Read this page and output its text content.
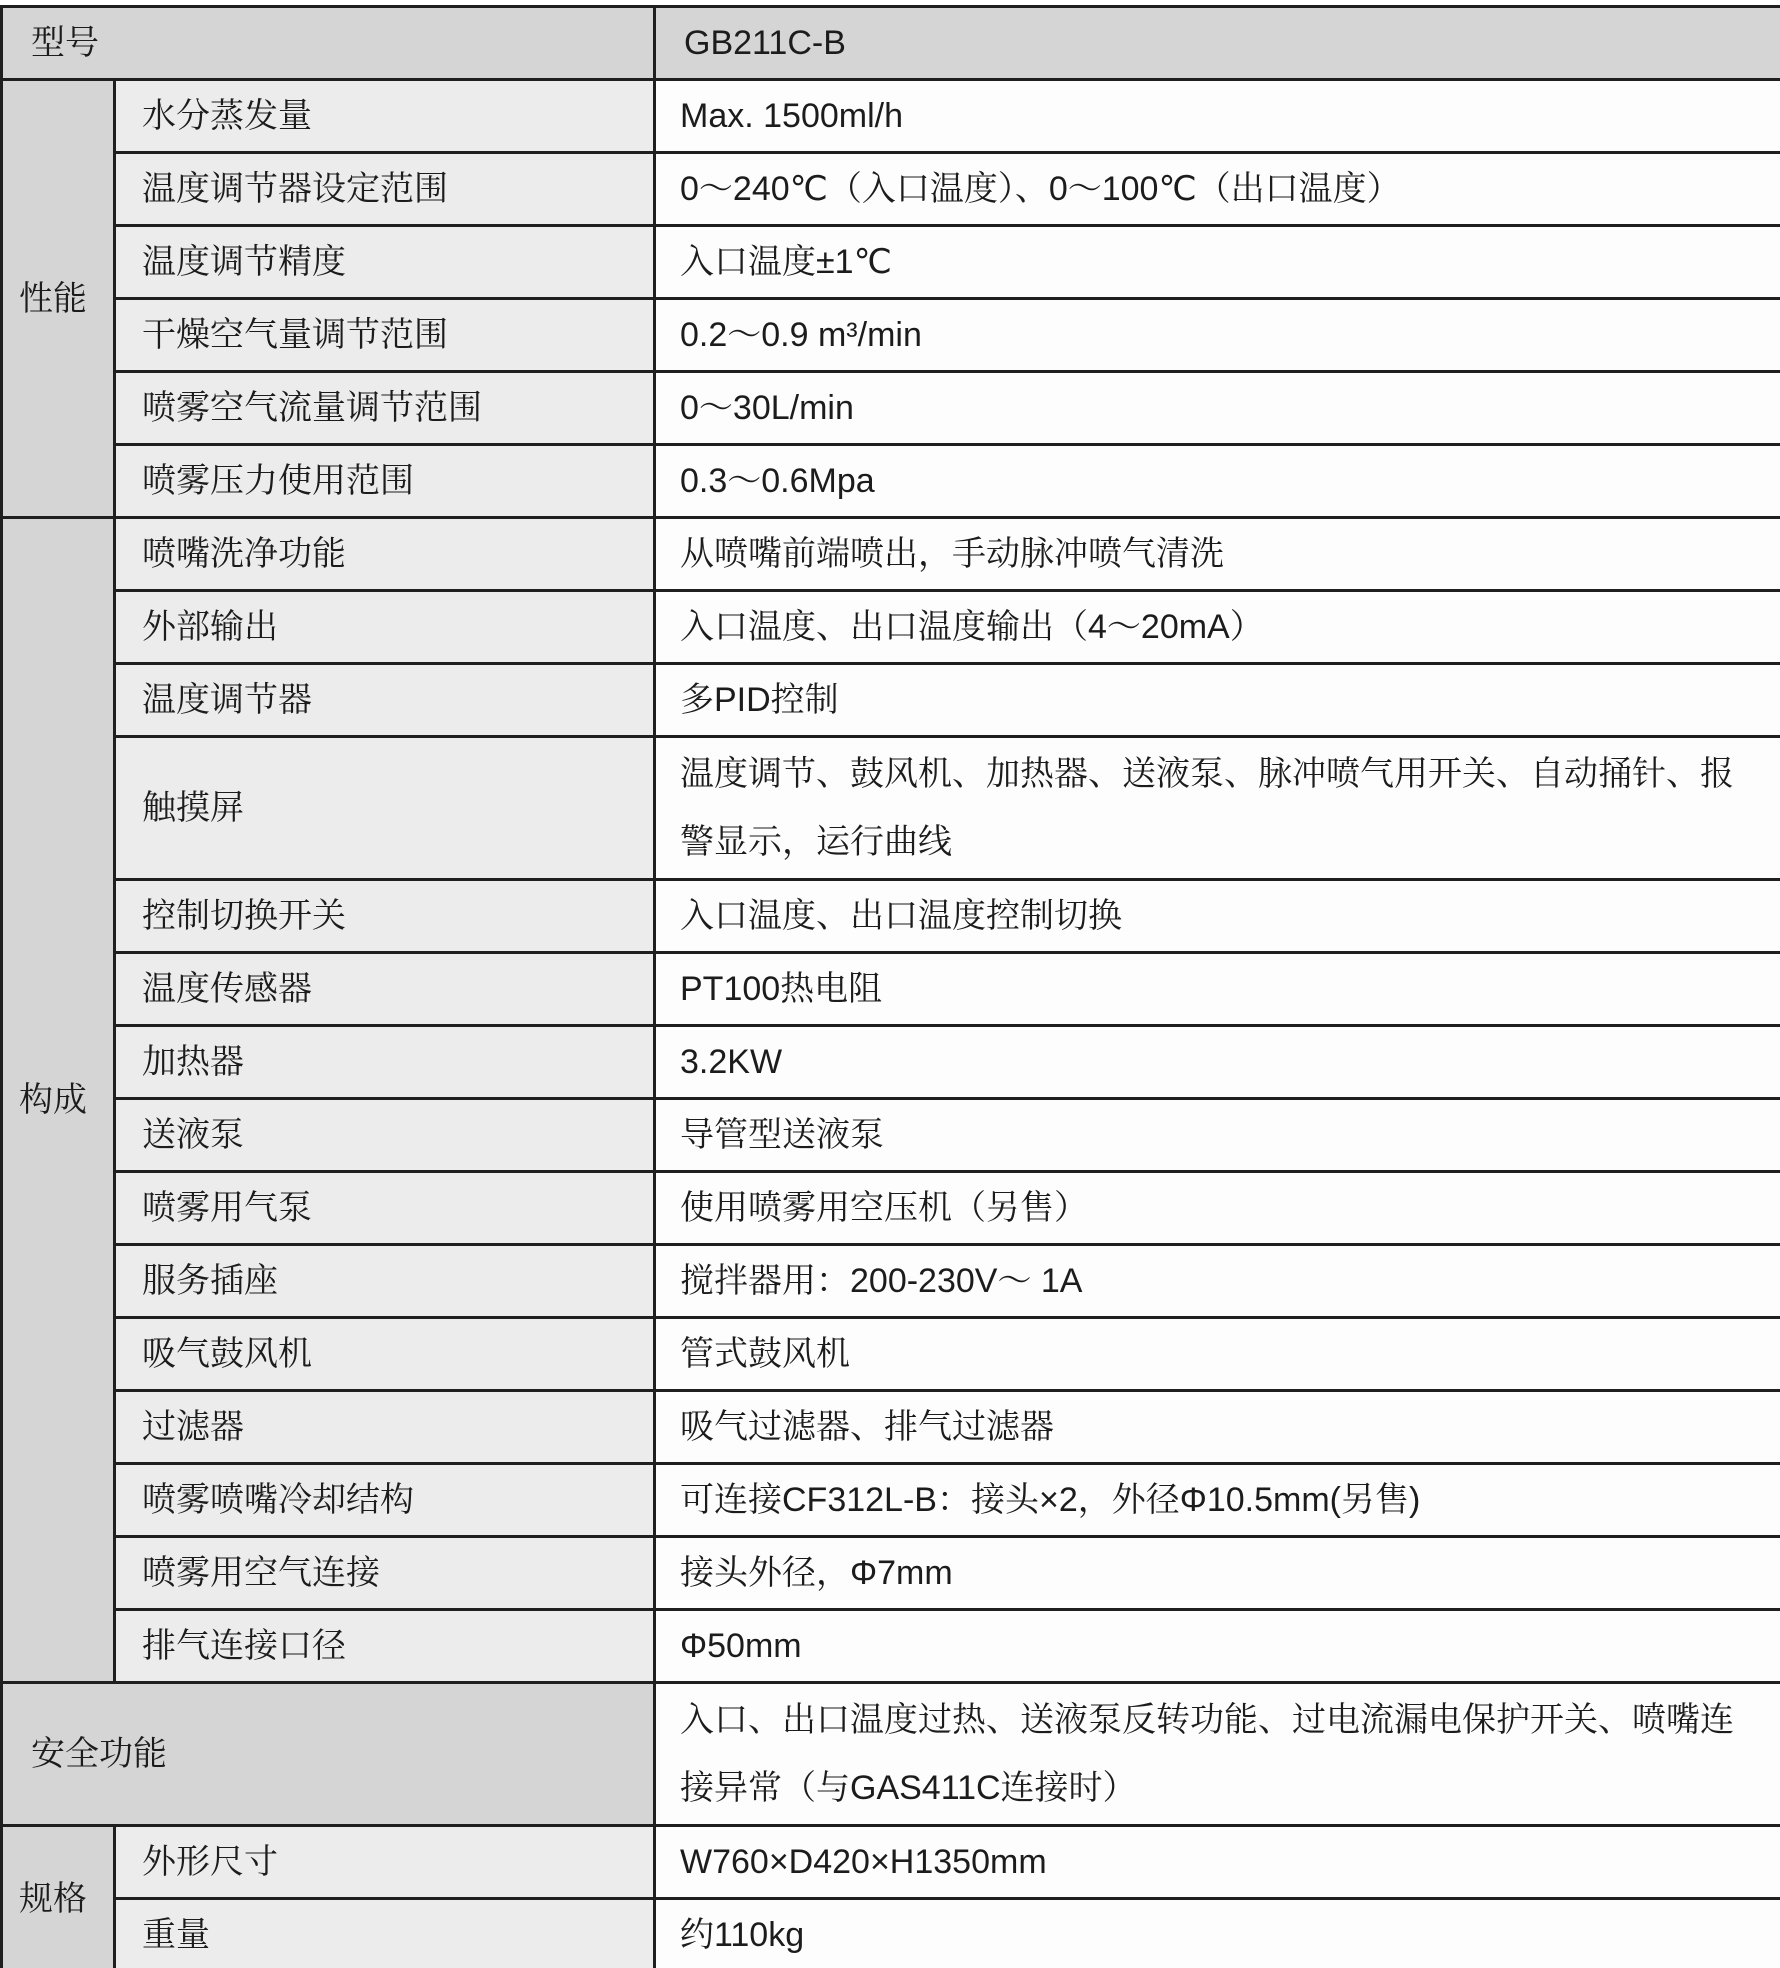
型号		GB211C-B
性能	水分蒸发量	Max. 1500ml/h
	温度调节器设定范围	0～240℃（入口温度）、0～100℃（出口温度）
	温度调节精度	入口温度±1℃
	干燥空气量调节范围	0.2～0.9 m³/min
	喷雾空气流量调节范围	0～30L/min
	喷雾压力使用范围	0.3～0.6Mpa
构成	喷嘴洗净功能	从喷嘴前端喷出，手动脉冲喷气清洗
	外部输出	入口温度、出口温度输出（4～20mA）
	温度调节器	多PID控制
	触摸屏	温度调节、鼓风机、加热器、送液泵、脉冲喷气用开关、自动捅针、报警显示，运行曲线
	控制切换开关	入口温度、出口温度控制切换
	温度传感器	PT100热电阻
	加热器	3.2KW
	送液泵	导管型送液泵
	喷雾用气泵	使用喷雾用空压机（另售）
	服务插座	搅拌器用：200-230V～ 1A
	吸气鼓风机	管式鼓风机
	过滤器	吸气过滤器、排气过滤器
	喷雾喷嘴冷却结构	可连接CF312L-B：接头×2，外径Φ10.5mm(另售)
	喷雾用空气连接	接头外径，Φ7mm
	排气连接口径	Φ50mm
安全功能		入口、出口温度过热、送液泵反转功能、过电流漏电保护开关、喷嘴连接异常（与GAS411C连接时）
规格	外形尺寸	W760×D420×H1350mm
	重量	约110kg
